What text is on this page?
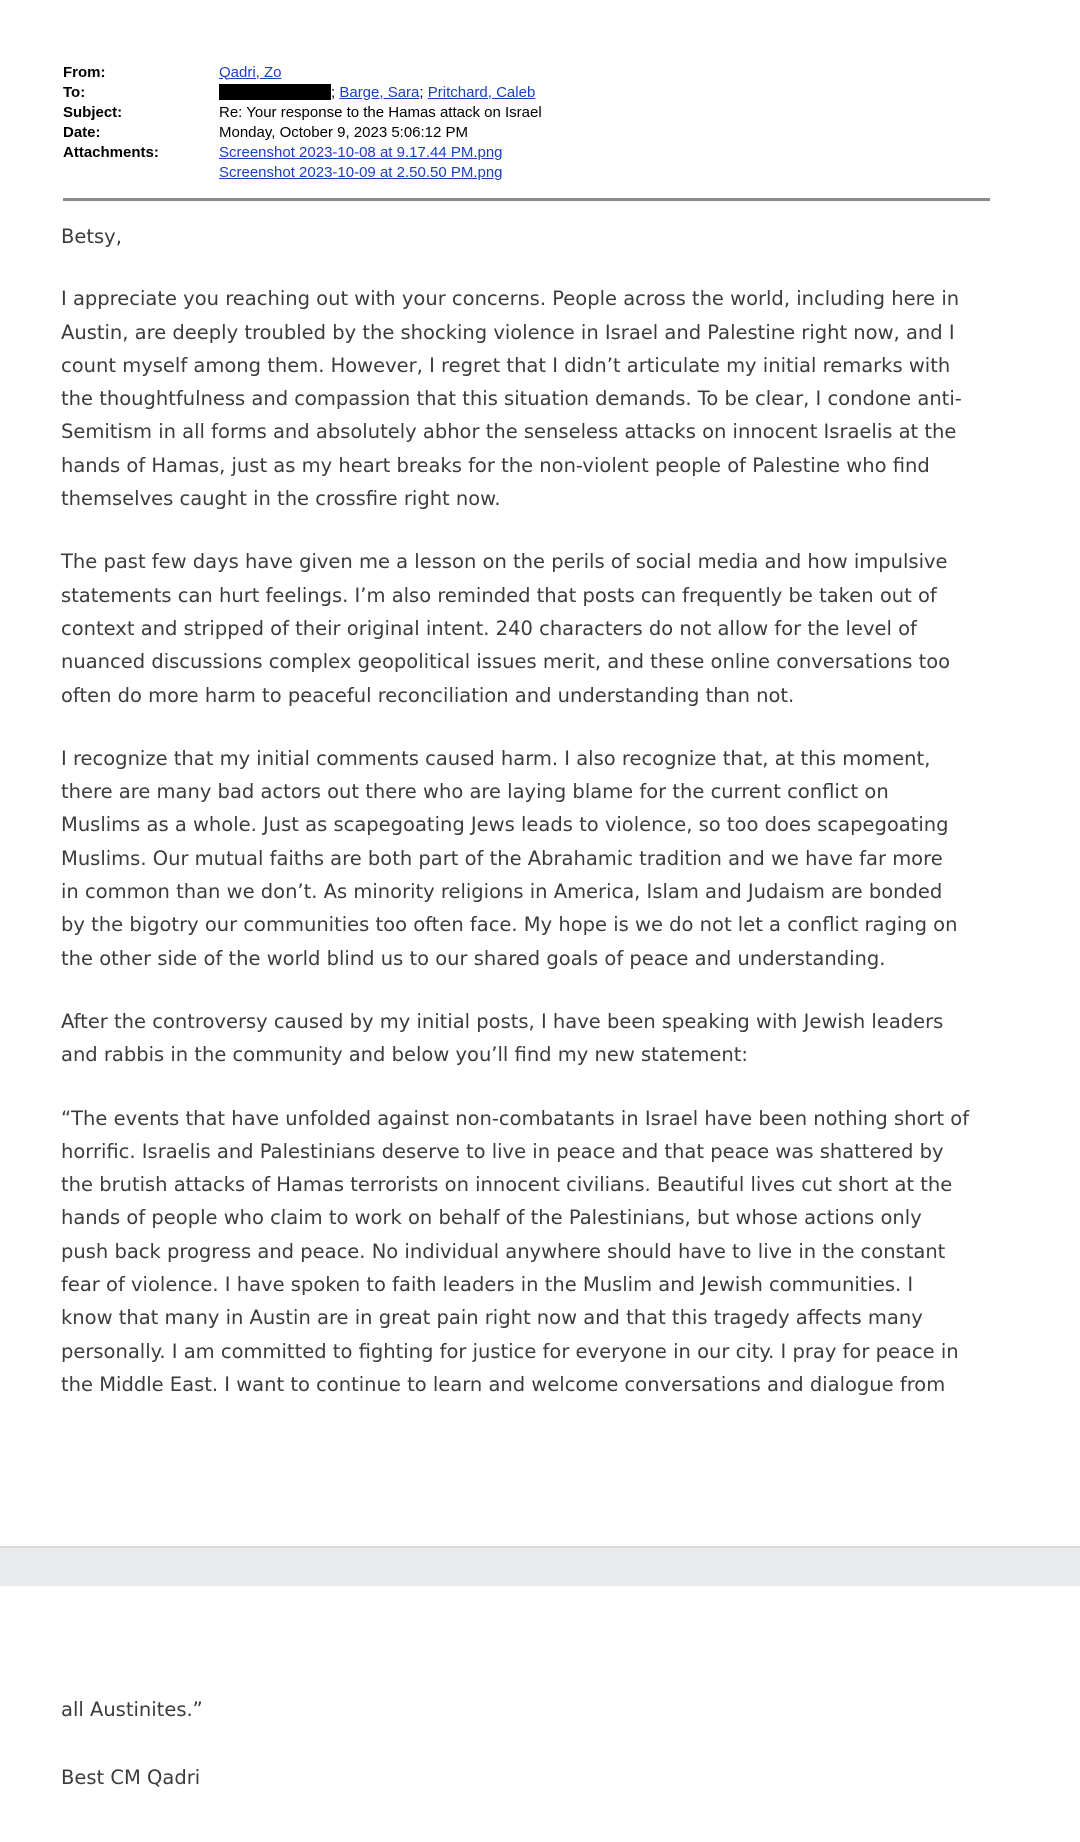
From:	Qadri, Zo
To:	; Barge, Sara; Pritchard, Caleb
Subject:	Re: Your response to the Hamas attack on Israel
Date:	Monday, October 9, 2023 5:06:12 PM
Attachments:	Screenshot 2023-10-08 at 9.17.44 PM.png
Screenshot 2023-10-09 at 2.50.50 PM.png
Betsy,
I appreciate you reaching out with your concerns. People across the world, including here in
Austin, are deeply troubled by the shocking violence in Israel and Palestine right now, and I
count myself among them. However, I regret that I didn’t articulate my initial remarks with
the thoughtfulness and compassion that this situation demands. To be clear, I condone anti-
Semitism in all forms and absolutely abhor the senseless attacks on innocent Israelis at the
hands of Hamas, just as my heart breaks for the non-violent people of Palestine who find
themselves caught in the crossfire right now.
The past few days have given me a lesson on the perils of social media and how impulsive
statements can hurt feelings. I’m also reminded that posts can frequently be taken out of
context and stripped of their original intent. 240 characters do not allow for the level of
nuanced discussions complex geopolitical issues merit, and these online conversations too
often do more harm to peaceful reconciliation and understanding than not.
I recognize that my initial comments caused harm. I also recognize that, at this moment,
there are many bad actors out there who are laying blame for the current conflict on
Muslims as a whole. Just as scapegoating Jews leads to violence, so too does scapegoating
Muslims. Our mutual faiths are both part of the Abrahamic tradition and we have far more
in common than we don’t. As minority religions in America, Islam and Judaism are bonded
by the bigotry our communities too often face. My hope is we do not let a conflict raging on
the other side of the world blind us to our shared goals of peace and understanding.
After the controversy caused by my initial posts, I have been speaking with Jewish leaders
and rabbis in the community and below you’ll find my new statement:
“The events that have unfolded against non-combatants in Israel have been nothing short of
horrific. Israelis and Palestinians deserve to live in peace and that peace was shattered by
the brutish attacks of Hamas terrorists on innocent civilians. Beautiful lives cut short at the
hands of people who claim to work on behalf of the Palestinians, but whose actions only
push back progress and peace. No individual anywhere should have to live in the constant
fear of violence. I have spoken to faith leaders in the Muslim and Jewish communities. I
know that many in Austin are in great pain right now and that this tragedy affects many
personally. I am committed to fighting for justice for everyone in our city. I pray for peace in
the Middle East. I want to continue to learn and welcome conversations and dialogue from
all Austinites.”
Best CM Qadri
